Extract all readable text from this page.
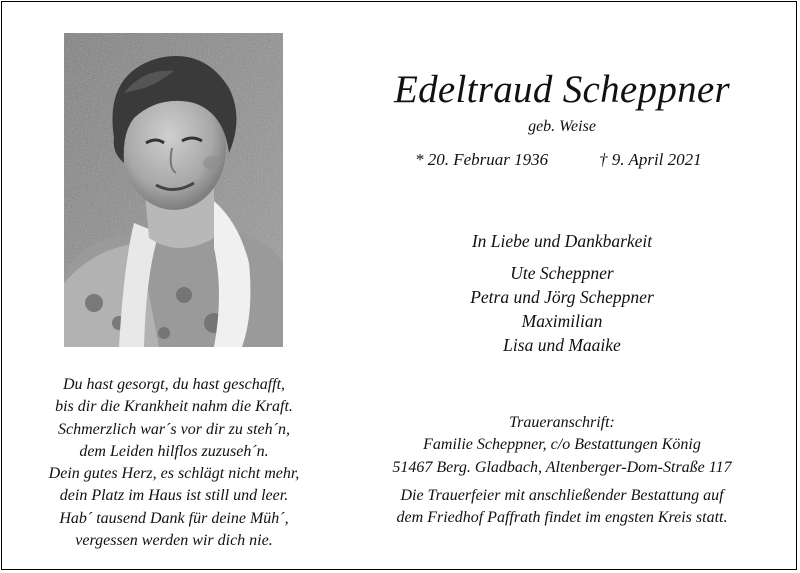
Edeltraud Scheppner
geb. Weise
* 20. Februar 1936	† 9. April 2021
In Liebe und Dankbarkeit
Ute Scheppner
Petra und Jörg Scheppner
Maximilian
Lisa und Maaike
Du hast gesorgt, du hast geschafft,
bis dir die Krankheit nahm die Kraft.
Schmerzlich war´s vor dir zu steh´n,
dem Leiden hilflos zuzuseh´n.
Dein gutes Herz, es schlägt nicht mehr,
dein Platz im Haus ist still und leer.
Hab´ tausend Dank für deine Müh´,
vergessen werden wir dich nie.
Traueranschrift:
Familie Scheppner, c/o Bestattungen König
51467 Berg. Gladbach, Altenberger-Dom-Straße 117
Die Trauerfeier mit anschließender Bestattung auf
dem Friedhof Paffrath findet im engsten Kreis statt.
